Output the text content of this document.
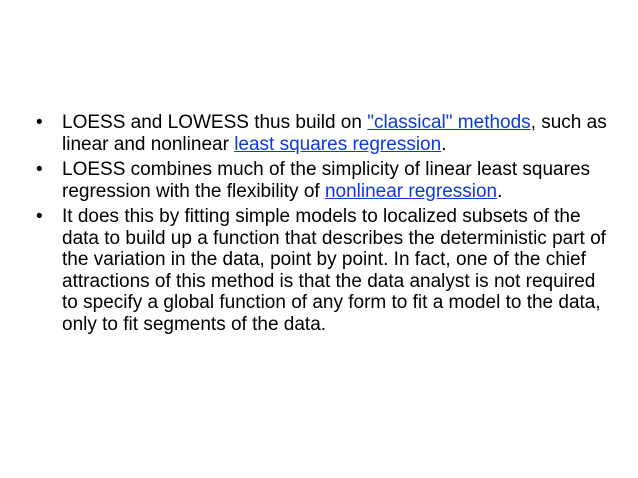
•	LOESS and LOWESS thus build on "classical" methods, such as linear and nonlinear least squares regression.
•	LOESS combines much of the simplicity of linear least squares regression with the flexibility of nonlinear regression.
•	It does this by fitting simple models to localized subsets of the data to build up a function that describes the deterministic part of the variation in the data, point by point. In fact, one of the chief attractions of this method is that the data analyst is not required to specify a global function of any form to fit a model to the data, only to fit segments of the data.
